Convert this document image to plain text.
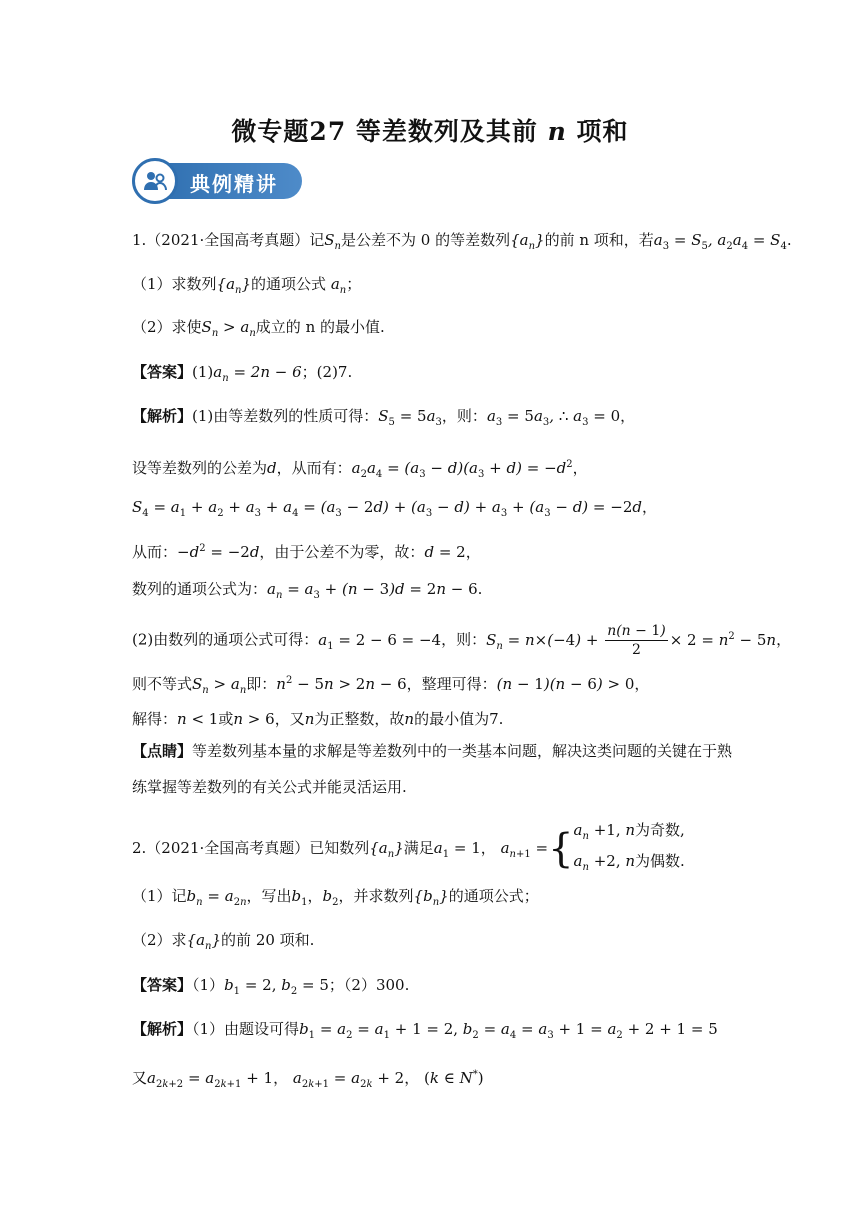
微专题27 等差数列及其前 n 项和
典例精讲
1.（2021·全国高考真题）记$S_n$是公差不为 0 的等差数列$\{a_n\}$的前 n 项和，若$a_3 = S_5$, $a_2a_4 = S_4$.
（1）求数列$\{a_n\}$的通项公式 $a_n$；
（2）求使$S_n > a_n$成立的 n 的最小值.
【答案】$(1)a_n = 2n - 6$；(2)7.
【解析】(1)由等差数列的性质可得：$S_5 = 5a_3$，则：$a_3 = 5a_3$, ∴ $a_3 = 0$，
设等差数列的公差为d，从而有：$a_2a_4 = (a_3 - d)(a_3 + d) = -d^2$，
$S_4 = a_1 + a_2 + a_3 + a_4 = (a_3 - 2d) + (a_3 - d) + a_3 + (a_3 - d) = -2d$，
从而：$-d^2 = -2d$，由于公差不为零，故：d = 2，
数列的通项公式为：$a_n = a_3 + (n - 3)d = 2n - 6$.
(2)由数列的通项公式可得：$a_1 = 2 - 6 = -4$，则：$S_n = n\times(-4) + \frac{n(n - 1)}{2} \times 2 = n^2 - 5n$，
则不等式$S_n > a_n$即：$n^2 - 5n > 2n - 6$，整理可得：(n − 1)(n − 6) > 0，
解得：n < 1或n > 6，又n为正整数，故n的最小值为7.
【点睛】等差数列基本量的求解是等差数列中的一类基本问题，解决这类问题的关键在于熟
练掌握等差数列的有关公式并能灵活运用.
2.（2021·全国高考真题）已知数列$\{a_n\}$满足$a_1 = 1$， $a_{n+1} =\{a_n +1$, n为奇数,
$a_n +2$, n为偶数.
（1）记$b_n = a_{2n}$，写出$b_1$，$b_2$，并求数列$\{b_n\}$的通项公式；
（2）求$\{a_n\}$的前 20 项和.
【答案】$(1)b_1 = 2$, $b_2 = 5$；（2）300.
【解析】（1）由题设可得$b_1 = a_2 = a_1 + 1 = 2$, $b_2 = a_4 = a_3 + 1 = a_2 + 2 + 1 = 5$
又$a_{2k+2} = a_{2k+1} + 1$， $a_{2k+1} = a_{2k} + 2$， (k ∈ N*)
